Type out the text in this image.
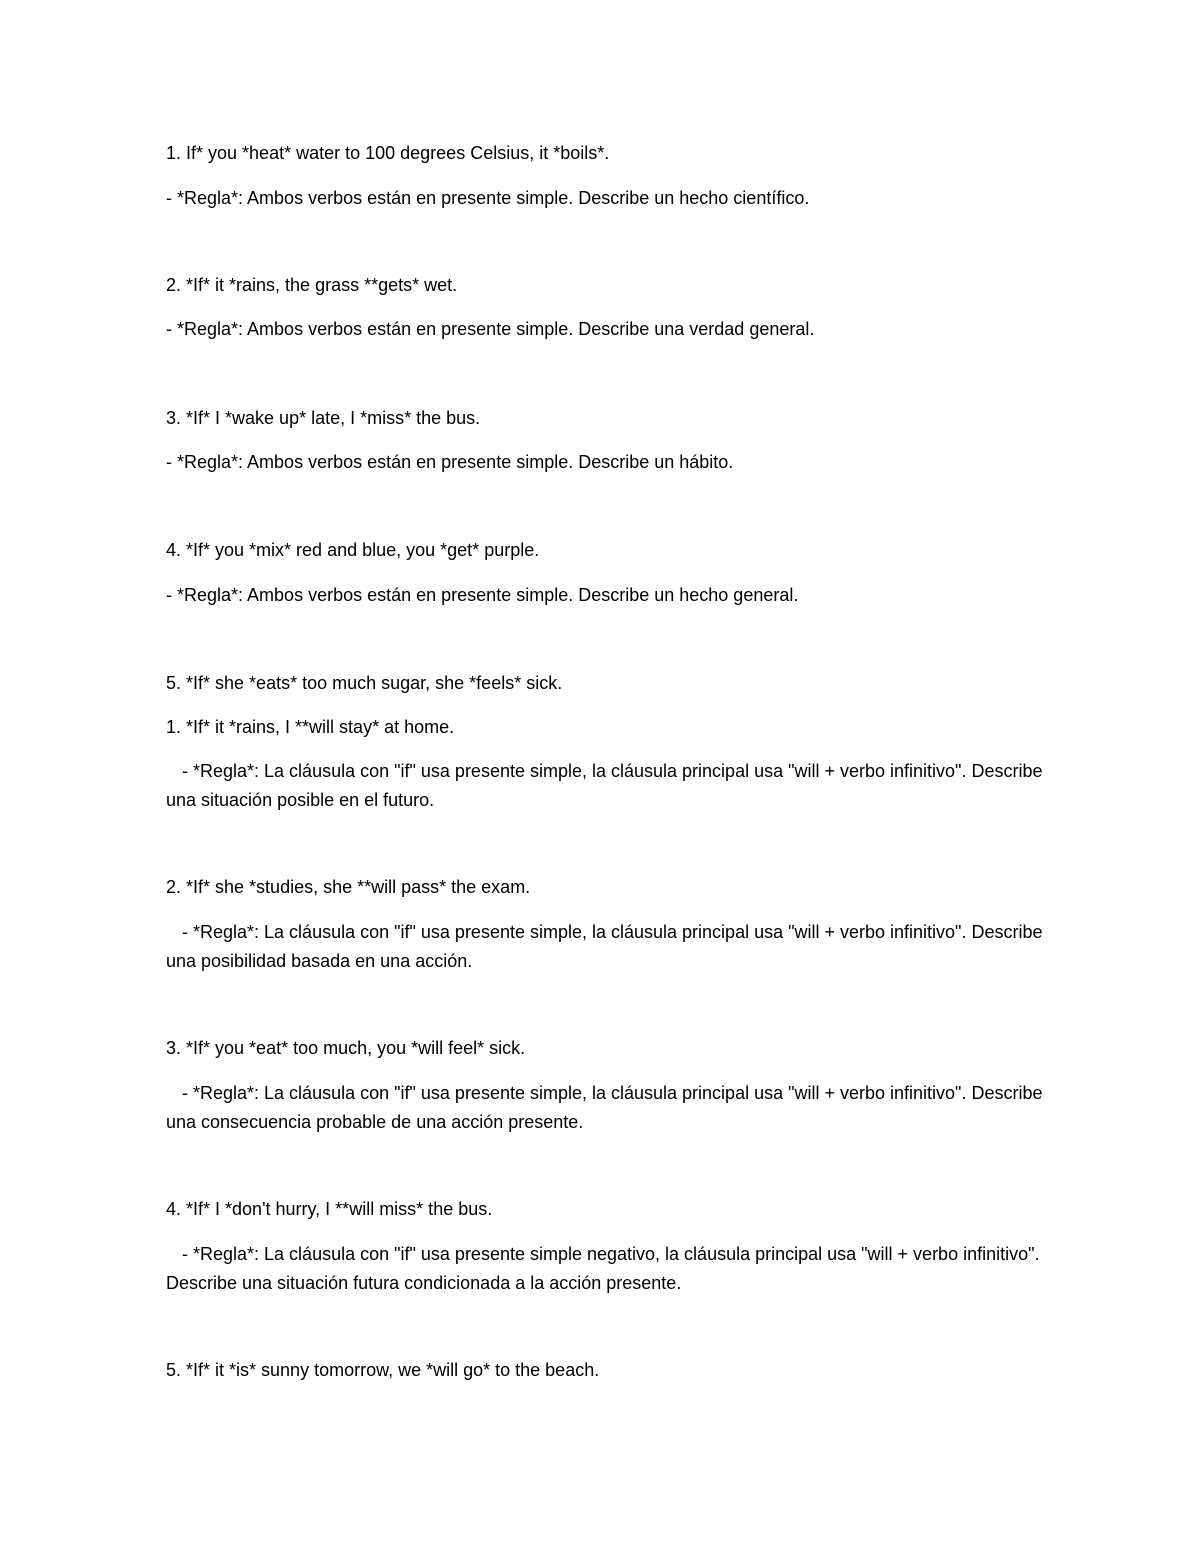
1. If* you *heat* water to 100 degrees Celsius, it *boils*.
- *Regla*: Ambos verbos están en presente simple. Describe un hecho científico.
2. *If* it *rains, the grass **gets* wet.
- *Regla*: Ambos verbos están en presente simple. Describe una verdad general.
3. *If* I *wake up* late, I *miss* the bus.
- *Regla*: Ambos verbos están en presente simple. Describe un hábito.
4. *If* you *mix* red and blue, you *get* purple.
- *Regla*: Ambos verbos están en presente simple. Describe un hecho general.
5. *If* she *eats* too much sugar, she *feels* sick.
1. *If* it *rains, I **will stay* at home.
- *Regla*: La cláusula con "if" usa presente simple, la cláusula principal usa "will + verbo infinitivo". Describe una situación posible en el futuro.
2. *If* she *studies, she **will pass* the exam.
- *Regla*: La cláusula con "if" usa presente simple, la cláusula principal usa "will + verbo infinitivo". Describe una posibilidad basada en una acción.
3. *If* you *eat* too much, you *will feel* sick.
- *Regla*: La cláusula con "if" usa presente simple, la cláusula principal usa "will + verbo infinitivo". Describe una consecuencia probable de una acción presente.
4. *If* I *don't hurry, I **will miss* the bus.
- *Regla*: La cláusula con "if" usa presente simple negativo, la cláusula principal usa "will + verbo infinitivo". Describe una situación futura condicionada a la acción presente.
5. *If* it *is* sunny tomorrow, we *will go* to the beach.
